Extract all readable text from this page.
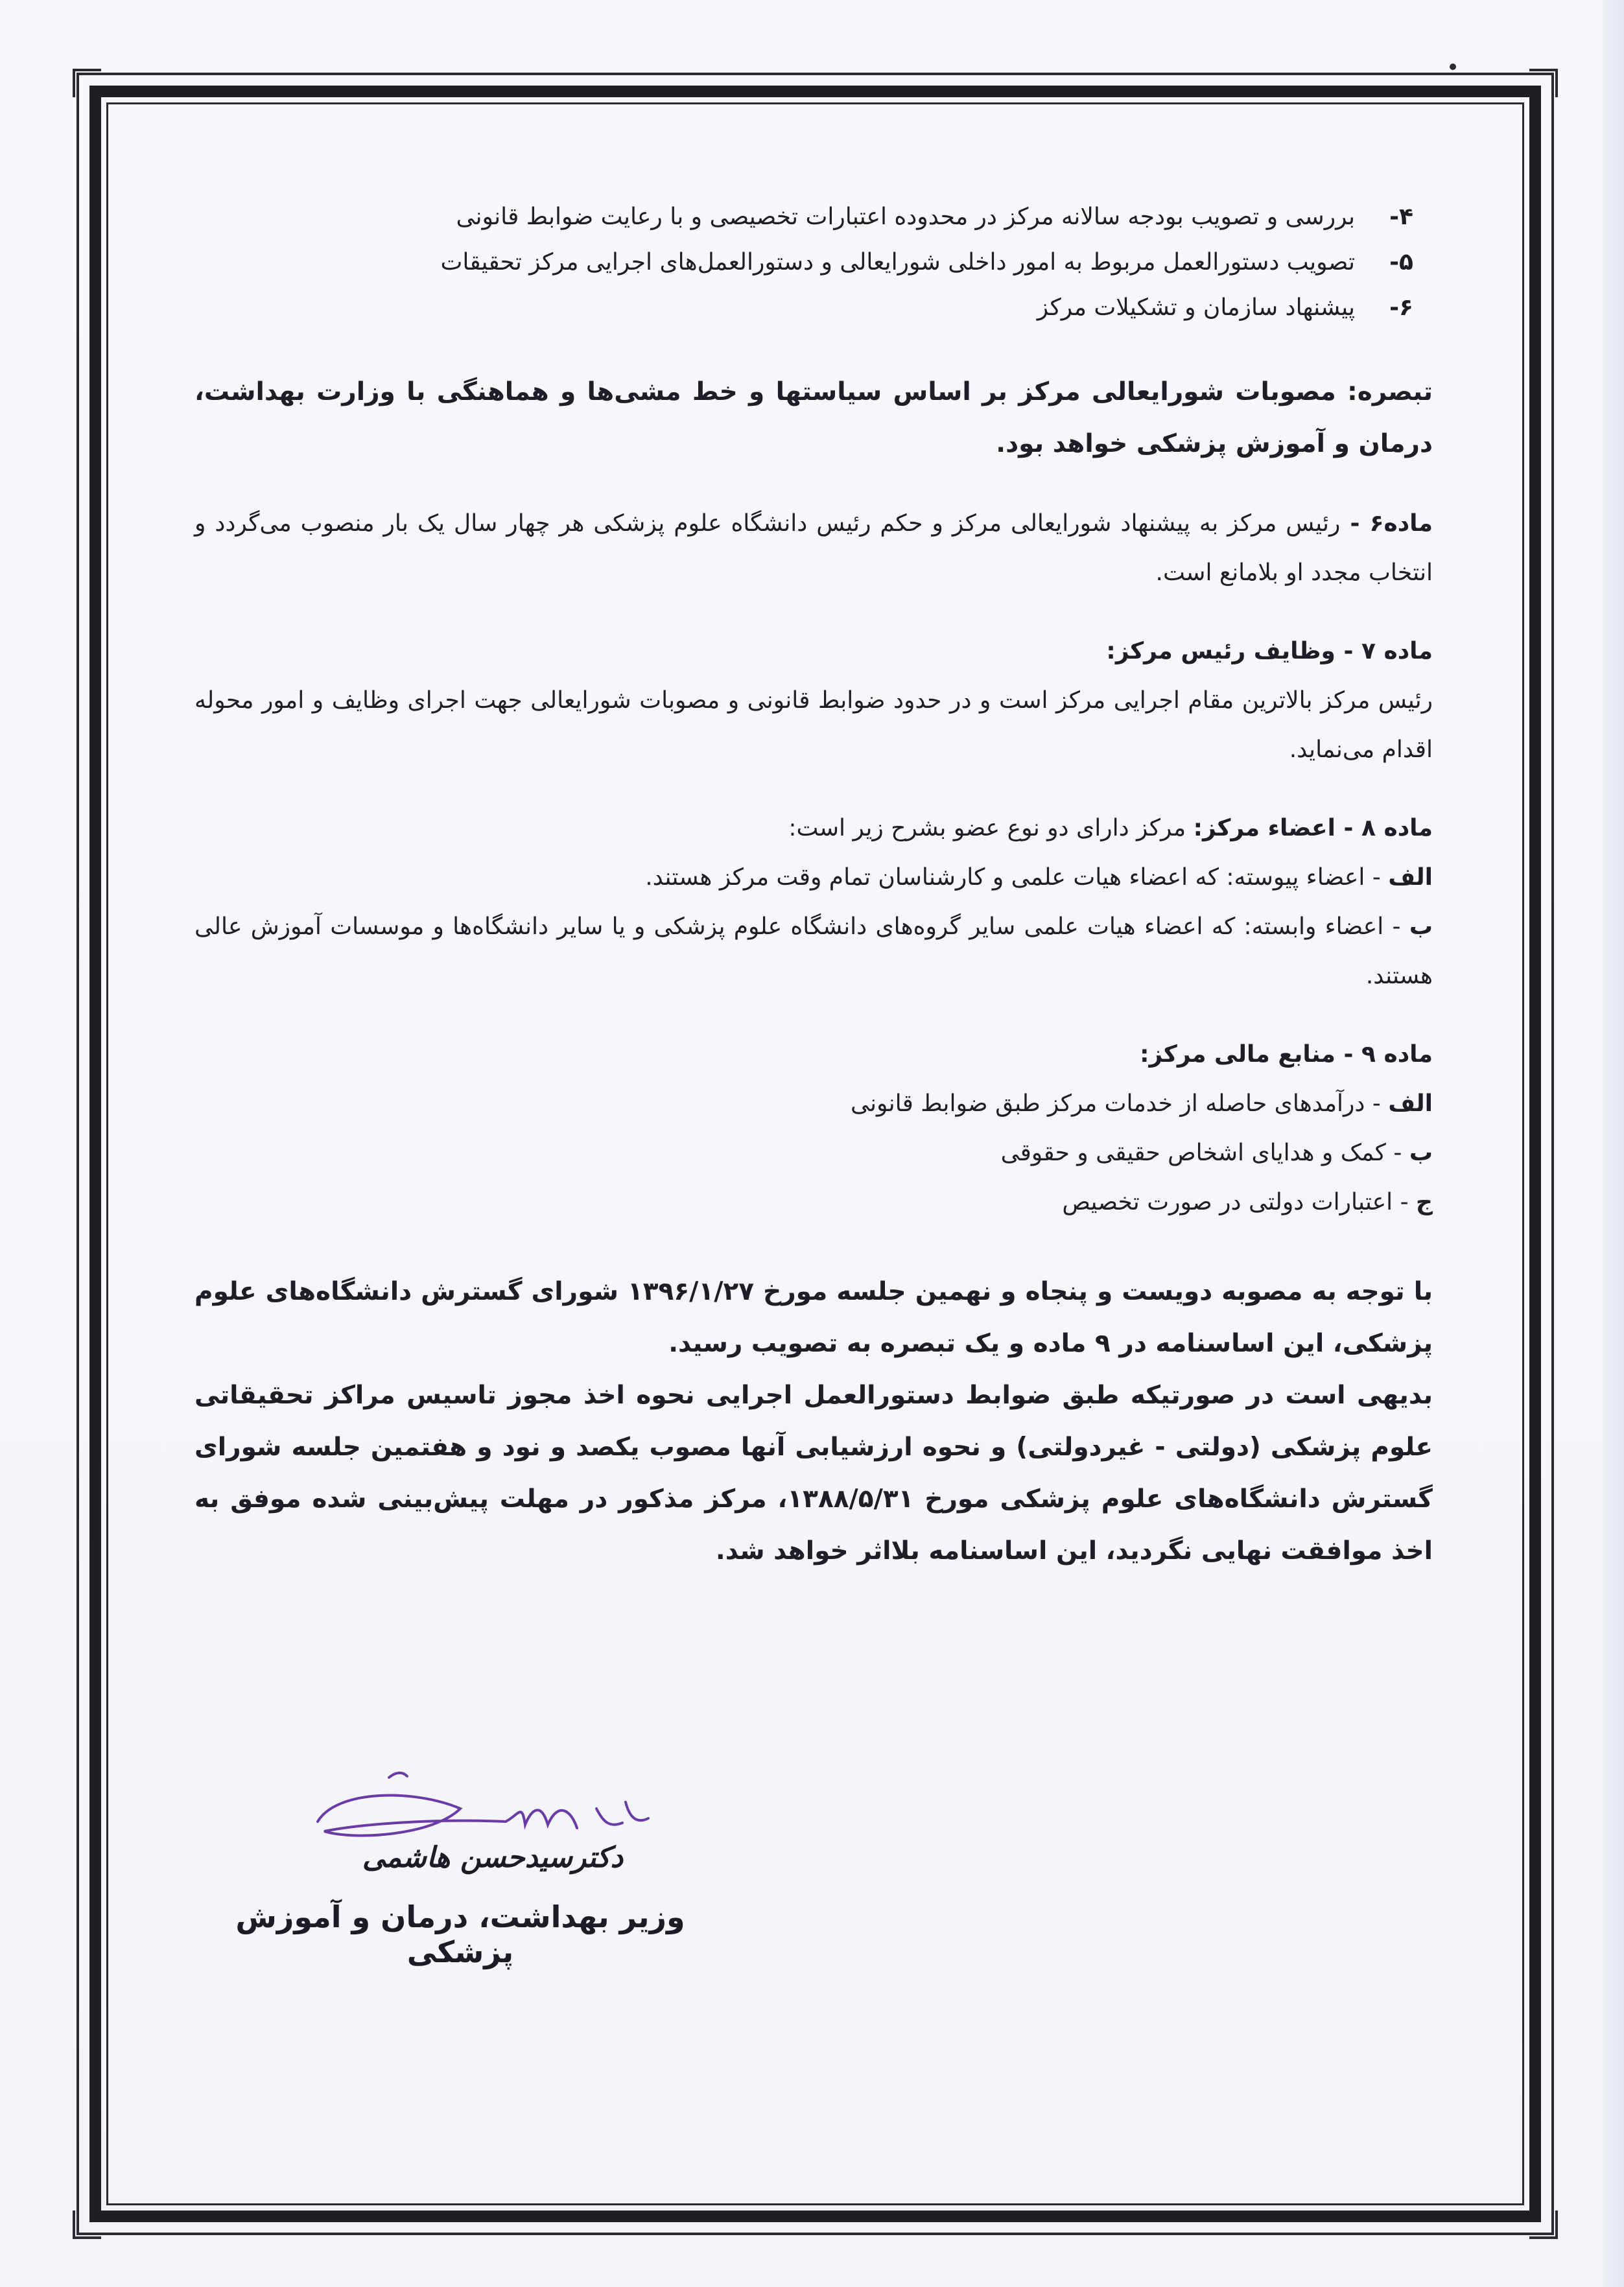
۴-
بررسی و تصویب بودجه سالانه مرکز در محدوده اعتبارات تخصیصی و با رعایت ضوابط قانونی
۵-
تصویب دستورالعمل مربوط به امور داخلی شورایعالی و دستورالعمل‌های اجرایی مرکز تحقیقات
۶-
پیشنهاد سازمان و تشکیلات مرکز
تبصره: مصوبات شورایعالی مرکز بر اساس سیاستها و خط مشی‌ها و هماهنگی با وزارت بهداشت، درمان و آموزش پزشکی خواهد بود.

ماده۶ - رئیس مرکز به پیشنهاد شورایعالی مرکز و حکم رئیس دانشگاه علوم پزشکی هر چهار سال یک بار منصوب می‌گردد و انتخاب مجدد او بلامانع است.

ماده ۷ - وظایف رئیس مرکز:

رئیس مرکز بالاترین مقام اجرایی مرکز است و در حدود ضوابط قانونی و مصوبات شورایعالی جهت اجرای وظایف و امور محوله اقدام می‌نماید.

ماده ۸ - اعضاء مرکز: مرکز دارای دو نوع عضو بشرح زیر است:

الف - اعضاء پیوسته: که اعضاء هیات علمی و کارشناسان تمام وقت مرکز هستند.

ب - اعضاء وابسته: که اعضاء هیات علمی سایر گروه‌های دانشگاه علوم پزشکی و یا سایر دانشگاه‌ها و موسسات آموزش عالی هستند.

ماده ۹ - منابع مالی مرکز:

الف - درآمدهای حاصله از خدمات مرکز طبق ضوابط قانونی

ب - کمک و هدایای اشخاص حقیقی و حقوقی

ج - اعتبارات دولتی در صورت تخصیص

با توجه به مصوبه دویست و پنجاه و نهمین جلسه مورخ ۱۳۹۶/۱/۲۷ شورای گسترش دانشگاه‌های علوم پزشکی، این اساسنامه در ۹ ماده و یک تبصره به تصویب رسید.
بدیهی است در صورتیکه طبق ضوابط دستورالعمل اجرایی نحوه اخذ مجوز تاسیس مراکز تحقیقاتی علوم پزشکی (دولتی - غیردولتی) و نحوه ارزشیابی آنها مصوب یکصد و نود و هفتمین جلسه شورای گسترش دانشگاه‌های علوم پزشکی مورخ ۱۳۸۸/۵/۳۱، مرکز مذکور در مهلت پیش‌بینی شده موفق به اخذ موافقت نهایی نگردید، این اساسنامه بلااثر خواهد شد.
دکترسیدحسن هاشمی
وزیر بهداشت، درمان و آموزش پزشکی
